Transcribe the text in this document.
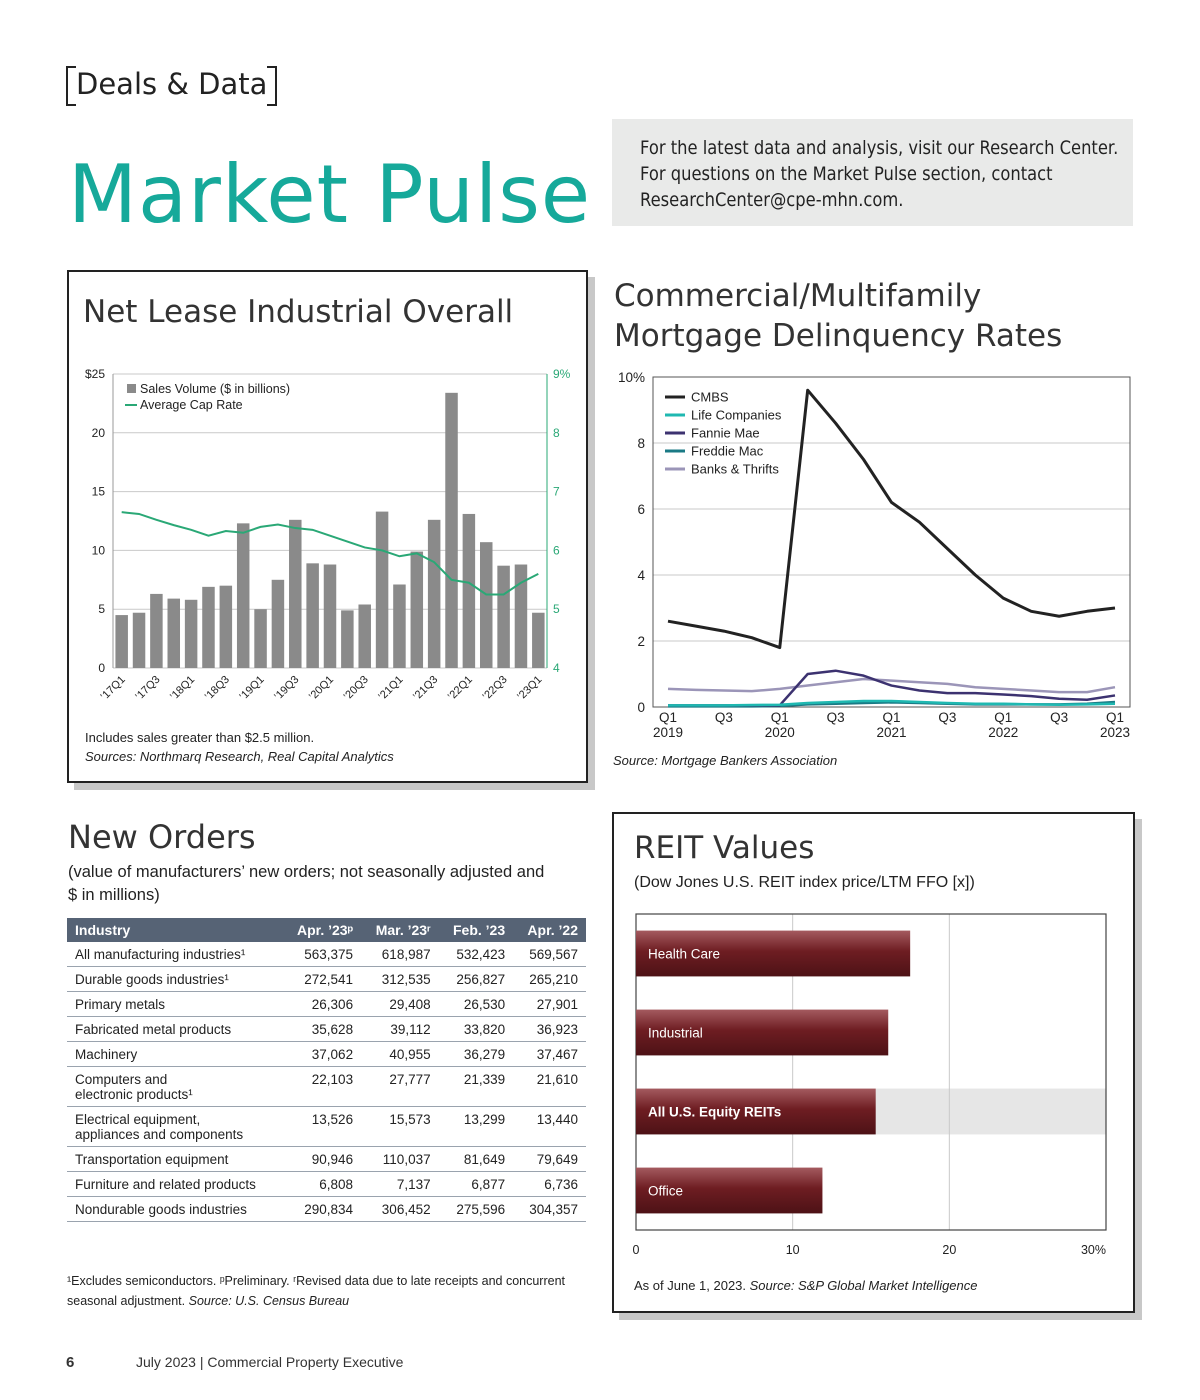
Deals & Data
Market Pulse	For the latest data and analysis, visit our Research Center.
For questions on the Market Pulse section, contact
ResearchCenter@cpe-mhn.com.
Net Lease Industrial Overall
0	4
5	5
10	6
15	7
20	8
$25	9%
’17Q1 ’17Q3 ’18Q1 ’18Q3 ’19Q1 ’19Q3 ’20Q1 ’20Q3 ’21Q1 ’21Q3 ’22Q1 ’22Q3 ’23Q1
Sales Volume ($ in billions)
Average Cap Rate
Includes sales greater than $2.5 million.
Sources: Northmarq Research, Real Capital Analytics
Commercial/Multifamily
Mortgage Delinquency Rates
0
2
4
6
8
10%
Q1
2019
Q3	Q1
2020
Q3	Q1
2021
Q3	Q1
2022
Q3	Q1
2023
CMBS
Life Companies
Fannie Mae
Freddie Mac
Banks & Thrifts
Source: Mortgage Bankers Association
New Orders
(value of manufacturers’ new orders; not seasonally adjusted and
$ in millions)
Industry	Apr. ’23ᵖ	Mar. ’23ʳ	Feb. ’23	Apr. ’22
All manufacturing industries¹	563,375	618,987	532,423	569,567
Durable goods industries¹	272,541	312,535	256,827	265,210
Primary metals	26,306	29,408	26,530	27,901
Fabricated metal products	35,628	39,112	33,820	36,923
Machinery	37,062	40,955	36,279	37,467
Computers and
electronic products¹	22,103	27,777	21,339	21,610
Electrical equipment,
appliances and components	13,526	15,573	13,299	13,440
Transportation equipment	90,946	110,037	81,649	79,649
Furniture and related products	6,808	7,137	6,877	6,736
Nondurable goods industries	290,834	306,452	275,596	304,357
¹Excludes semiconductors. ᵖPreliminary. ʳRevised data due to late receipts and concurrent
seasonal adjustment. Source: U.S. Census Bureau
REIT Values
(Dow Jones U.S. REIT index price/LTM FFO [x])
0	10	20	30%
Health Care
Industrial
All U.S. Equity REITs
Office
As of June 1, 2023. Source: S&P Global Market Intelligence
6	July 2023 | Commercial Property Executive
